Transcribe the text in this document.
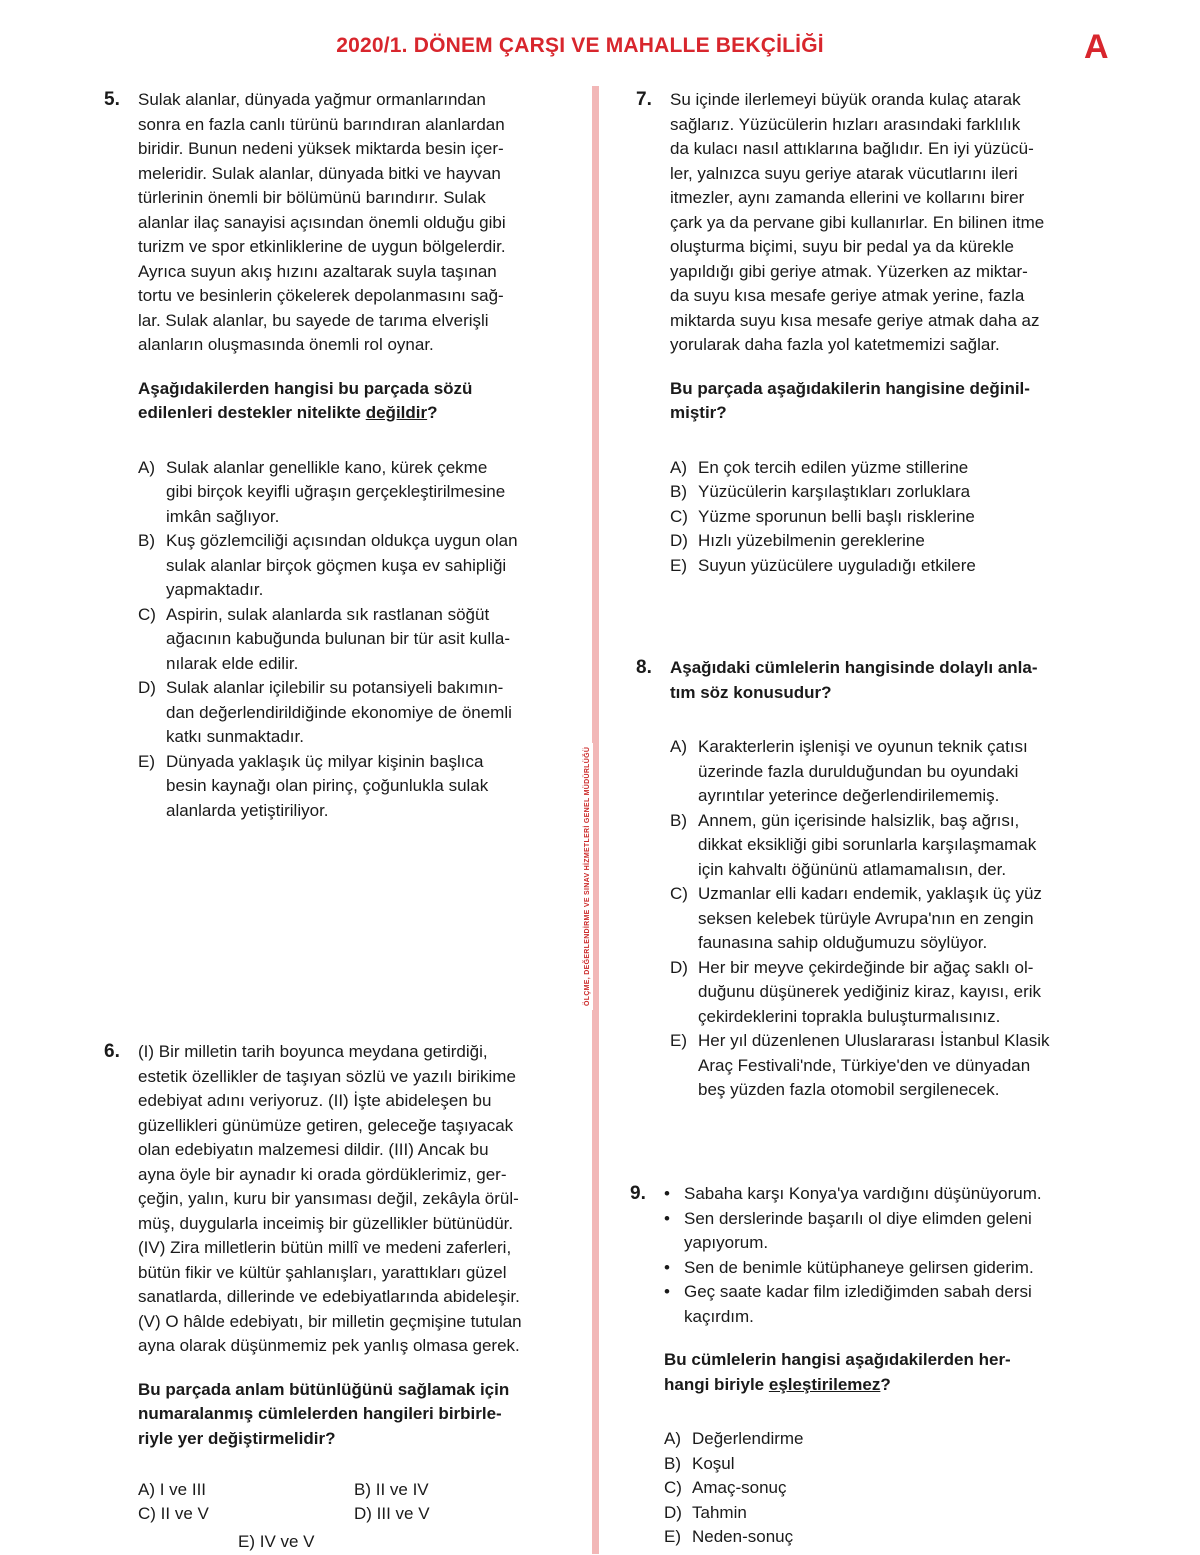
2020/1. DÖNEM ÇARŞI VE MAHALLE BEKÇİLİĞİ	A
ÖLÇME, DEĞERLENDİRME VE SINAV HİZMETLERİ GENEL MÜDÜRLÜĞÜ
5. Sulak alanlar, dünyada yağmur ormanlarından
sonra en fazla canlı türünü barındıran alanlardan
biridir. Bunun nedeni yüksek miktarda besin içer-
meleridir. Sulak alanlar, dünyada bitki ve hayvan
türlerinin önemli bir bölümünü barındırır. Sulak
alanlar ilaç sanayisi açısından önemli olduğu gibi
turizm ve spor etkinliklerine de uygun bölgelerdir.
Ayrıca suyun akış hızını azaltarak suyla taşınan
tortu ve besinlerin çökelerek depolanmasını sağ-
lar. Sulak alanlar, bu sayede de tarıma elverişli
alanların oluşmasında önemli rol oynar.
Aşağıdakilerden hangisi bu parçada sözü
edilenleri destekler nitelikte değildir?
A) Sulak alanlar genellikle kano, kürek çekme
gibi birçok keyifli uğraşın gerçekleştirilmesine
imkân sağlıyor.
B) Kuş gözlemciliği açısından oldukça uygun olan
sulak alanlar birçok göçmen kuşa ev sahipliği
yapmaktadır.
C) Aspirin, sulak alanlarda sık rastlanan söğüt
ağacının kabuğunda bulunan bir tür asit kulla-
nılarak elde edilir.
D) Sulak alanlar içilebilir su potansiyeli bakımın-
dan değerlendirildiğinde ekonomiye de önemli
katkı sunmaktadır.
E) Dünyada yaklaşık üç milyar kişinin başlıca
besin kaynağı olan pirinç, çoğunlukla sulak
alanlarda yetiştiriliyor.
6. (I) Bir milletin tarih boyunca meydana getirdiği,
estetik özellikler de taşıyan sözlü ve yazılı birikime
edebiyat adını veriyoruz. (II) İşte abideleşen bu
güzellikleri günümüze getiren, geleceğe taşıyacak
olan edebiyatın malzemesi dildir. (III) Ancak bu
ayna öyle bir aynadır ki orada gördüklerimiz, ger-
çeğin, yalın, kuru bir yansıması değil, zekâyla örül-
müş, duygularla inceimiş bir güzellikler bütünüdür.
(IV) Zira milletlerin bütün millî ve medeni zaferleri,
bütün fikir ve kültür şahlanışları, yarattıkları güzel
sanatlarda, dillerinde ve edebiyatlarında abideleşir.
(V) O hâlde edebiyatı, bir milletin geçmişine tutulan
ayna olarak düşünmemiz pek yanlış olmasa gerek.
Bu parçada anlam bütünlüğünü sağlamak için
numaralanmış cümlelerden hangileri birbirle-
riyle yer değiştirmelidir?
A) I ve III	B) II ve IV
C) II ve V	D) III ve V
E) IV ve V
7. Su içinde ilerlemeyi büyük oranda kulaç atarak
sağlarız. Yüzücülerin hızları arasındaki farklılık
da kulacı nasıl attıklarına bağlıdır. En iyi yüzücü-
ler, yalnızca suyu geriye atarak vücutlarını ileri
itmezler, aynı zamanda ellerini ve kollarını birer
çark ya da pervane gibi kullanırlar. En bilinen itme
oluşturma biçimi, suyu bir pedal ya da kürekle
yapıldığı gibi geriye atmak. Yüzerken az miktar-
da suyu kısa mesafe geriye atmak yerine, fazla
miktarda suyu kısa mesafe geriye atmak daha az
yorularak daha fazla yol katetmemizi sağlar.
Bu parçada aşağıdakilerin hangisine değinil-
miştir?
A) En çok tercih edilen yüzme stillerine
B) Yüzücülerin karşılaştıkları zorluklara
C) Yüzme sporunun belli başlı risklerine
D) Hızlı yüzebilmenin gereklerine
E) Suyun yüzücülere uyguladığı etkilere
8. Aşağıdaki cümlelerin hangisinde dolaylı anla-
tım söz konusudur?
A) Karakterlerin işlenişi ve oyunun teknik çatısı
üzerinde fazla durulduğundan bu oyundaki
ayrıntılar yeterince değerlendirilememiş.
B) Annem, gün içerisinde halsizlik, baş ağrısı,
dikkat eksikliği gibi sorunlarla karşılaşmamak
için kahvaltı öğününü atlamamalısın, der.
C) Uzmanlar elli kadarı endemik, yaklaşık üç yüz
seksen kelebek türüyle Avrupa'nın en zengin
faunasına sahip olduğumuzu söylüyor.
D) Her bir meyve çekirdeğinde bir ağaç saklı ol-
duğunu düşünerek yediğiniz kiraz, kayısı, erik
çekirdeklerini toprakla buluşturmalısınız.
E) Her yıl düzenlenen Uluslararası İstanbul Klasik
Araç Festivali'nde, Türkiye'den ve dünyadan
beş yüzden fazla otomobil sergilenecek.
9. • Sabaha karşı Konya'ya vardığını düşünüyorum.
• Sen derslerinde başarılı ol diye elimden geleni
yapıyorum.
• Sen de benimle kütüphaneye gelirsen giderim.
• Geç saate kadar film izlediğimden sabah dersi
kaçırdım.
Bu cümlelerin hangisi aşağıdakilerden her-
hangi biriyle eşleştirilemez?
A) Değerlendirme
B) Koşul
C) Amaç-sonuç
D) Tahmin
E) Neden-sonuç
